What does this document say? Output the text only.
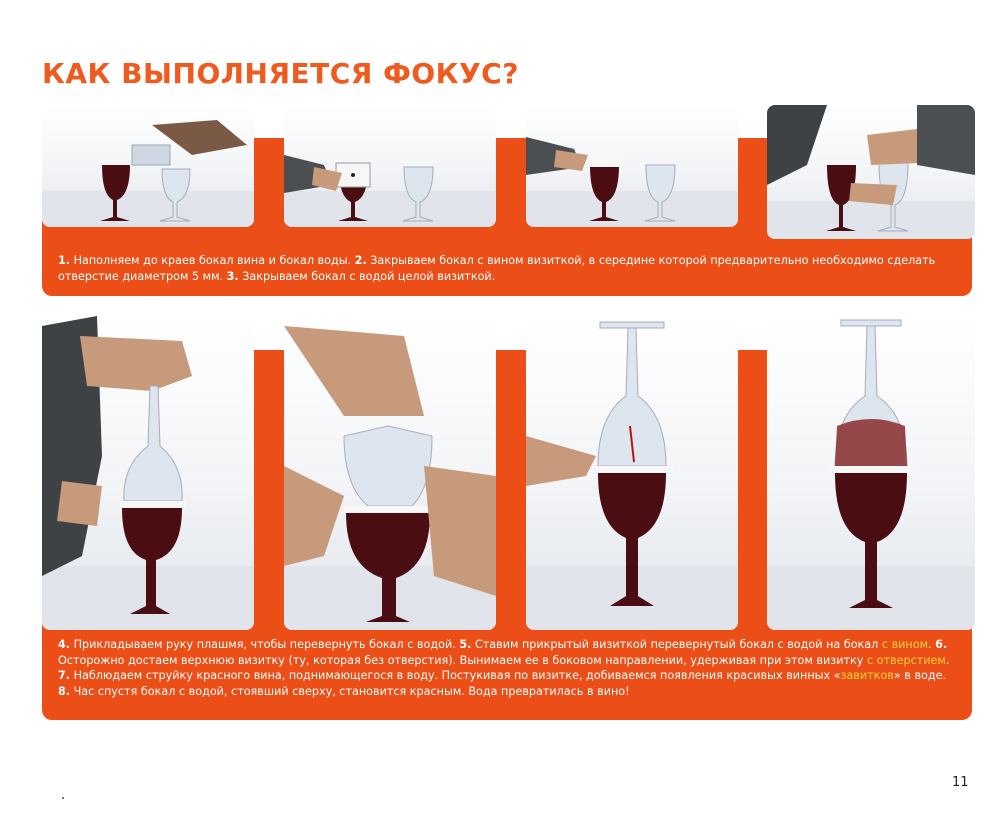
КАК ВЫПОЛНЯЕТСЯ ФОКУС?
1. Наполняем до краев бокал вина и бокал воды. 2. Закрываем бокал с вином визиткой, в середине которой предварительно необходимо сделать отверстие диаметром 5 мм. 3. Закрываем бокал с водой целой визиткой.
4. Прикладываем руку плашмя, чтобы перевернуть бокал с водой. 5. Ставим прикрытый визиткой перевернутый бокал с водой на бокал с вином. 6. Осторожно достаем верхнюю визитку (ту, которая без отверстия). Вынимаем ее в боковом направлении, удерживая при этом визитку с отверстием. 7. Наблюдаем струйку красного вина, поднимающегося в воду. Постукивая по визитке, добиваемся появления красивых винных «завитков» в воде. 8. Час спустя бокал с водой, стоявший сверху, становится красным. Вода превратилась в вино!
11
